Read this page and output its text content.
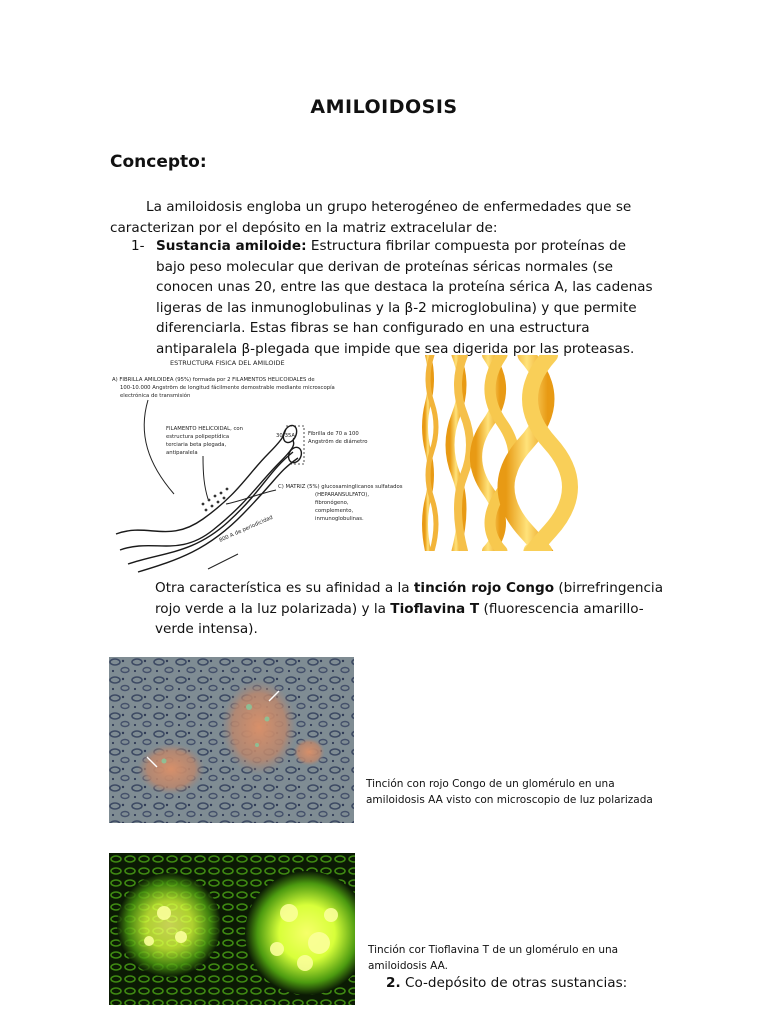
AMILOIDOSIS
Concepto:
La amiloidosis engloba un grupo heterogéneo de enfermedades que se
caracterizan por el depósito en la matriz extracelular de:
1- Sustancia amiloide: Estructura fibrilar compuesta por proteínas de bajo peso molecular que derivan de proteínas séricas normales (se conocen unas 20, entre las que destaca la proteína sérica A, las cadenas ligeras de las inmunoglobulinas y la β-2 microglobulina) y que permite diferenciarla. Estas fibras se han configurado en una estructura antiparalela β-plegada que impide que sea digerida por las proteasas.
ESTRUCTURA FISICA DEL AMILOIDE
A) FIBRILLA AMILOIDEA (95%) formada por 2 FILAMENTOS HELICOIDALES de
100-10.000 Angström de longitud fácilmente demostrable mediante microscopía
electrónica de transmisión
FILAMENTO HELICOIDAL, con
estructura polipeptídica
terciaria beta plegada,
antiparalela
30-35A Fibrilla de 70 a 100
Angström de diámetro
C) MATRIZ (5%) glucosaminglicanos sulfatados
(HEPARANSULFATO),
fibronógeno,
complemento,
inmunoglobulinas.
800 A de periodicidad
Otra característica es su afinidad a la tinción rojo Congo (birrefringencia rojo verde a la luz polarizada) y la Tioflavina T (fluorescencia amarillo-verde intensa).
Tinción con rojo Congo de un glomérulo en una
amiloidosis AA visto con microscopio de luz polarizada
Tinción cor Tioflavina T de un glomérulo en una
amiloidosis AA.
2. Co-depósito de otras sustancias:
